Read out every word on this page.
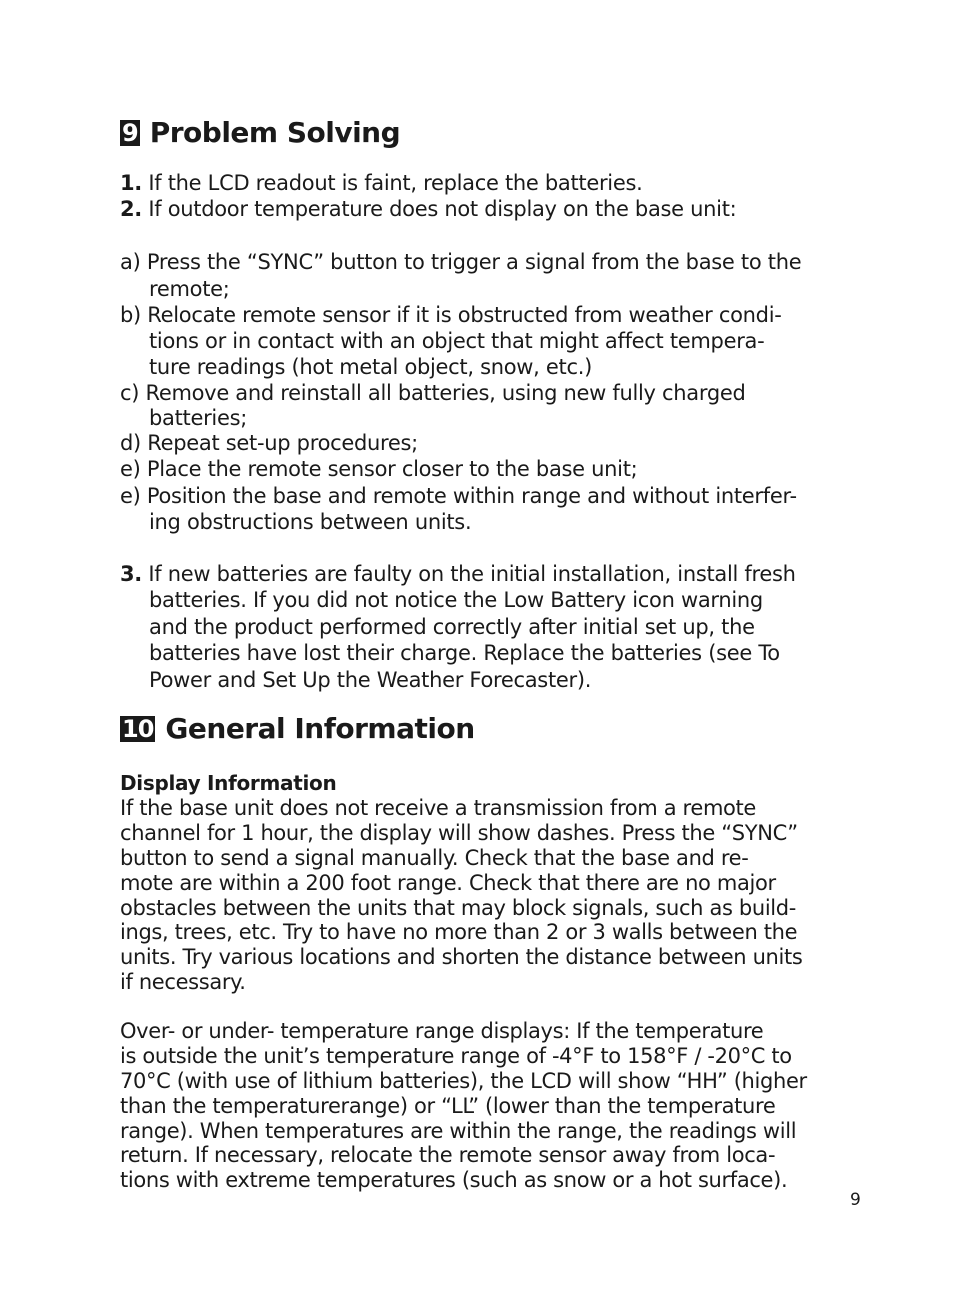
9 Problem Solving
1. If the LCD readout is faint, replace the batteries.
2. If outdoor temperature does not display on the base unit:
a) Press the “SYNC” button to trigger a signal from the base to the
remote;
b) Relocate remote sensor if it is obstructed from weather condi-
tions or in contact with an object that might affect tempera-
ture readings (hot metal object, snow, etc.)
c) Remove and reinstall all batteries, using new fully charged
batteries;
d) Repeat set-up procedures;
e) Place the remote sensor closer to the base unit;
e) Position the base and remote within range and without interfer-
ing obstructions between units.
3. If new batteries are faulty on the initial installation, install fresh
batteries. If you did not notice the Low Battery icon warning
and the product performed correctly after initial set up, the
batteries have lost their charge. Replace the batteries (see To
Power and Set Up the Weather Forecaster).
10 General Information
Display Information
If the base unit does not receive a transmission from a remote
channel for 1 hour, the display will show dashes. Press the “SYNC”
button to send a signal manually. Check that the base and re-
mote are within a 200 foot range. Check that there are no major
obstacles between the units that may block signals, such as build-
ings, trees, etc. Try to have no more than 2 or 3 walls between the
units. Try various locations and shorten the distance between units
if necessary.
Over- or under- temperature range displays: If the temperature
is outside the unit’s temperature range of -4°F to 158°F / -20°C to
70°C (with use of lithium batteries), the LCD will show “HH” (higher
than the temperaturerange) or “LL” (lower than the temperature
range). When temperatures are within the range, the readings will
return. If necessary, relocate the remote sensor away from loca-
tions with extreme temperatures (such as snow or a hot surface).
9
